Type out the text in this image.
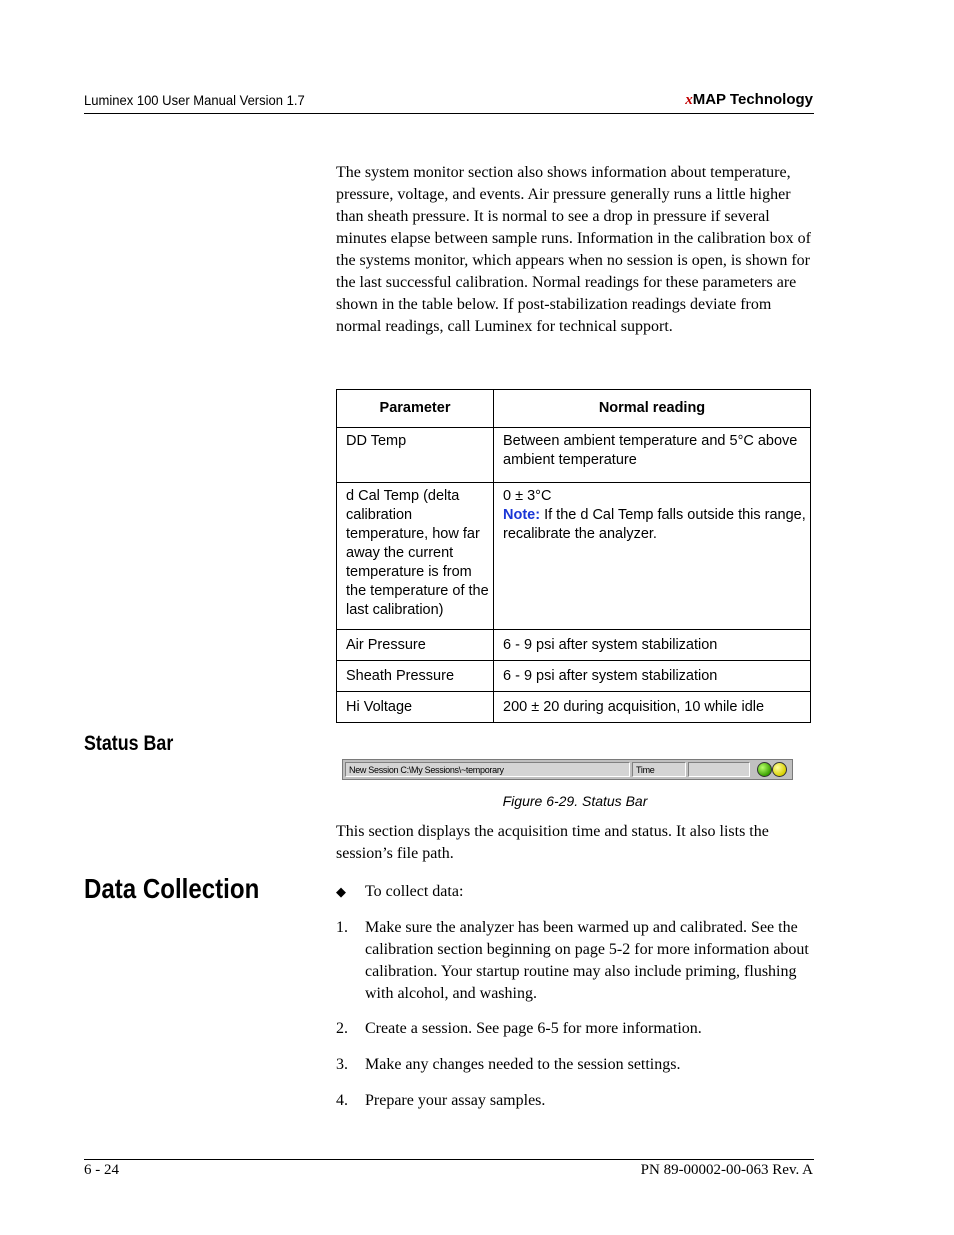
Luminex 100 User Manual Version 1.7	xMAP Technology
The system monitor section also shows information about temperature, pressure, voltage, and events. Air pressure generally runs a little higher than sheath pressure. It is normal to see a drop in pressure if several minutes elapse between sample runs. Information in the calibration box of the systems monitor, which appears when no session is open, is shown for the last successful calibration. Normal readings for these parameters are shown in the table below. If post-stabilization readings deviate from normal readings, call Luminex for technical support.
Parameter	Normal reading
DD Temp	Between ambient temperature and 5°C above ambient temperature
d Cal Temp (delta calibration temperature, how far away the current temperature is from the temperature of the last calibration)	0 ± 3°C
Note: If the d Cal Temp falls outside this range, recalibrate the analyzer.

Air Pressure	6 - 9 psi after system stabilization
Sheath Pressure	6 - 9 psi after system stabilization
Hi Voltage	200 ± 20 during acquisition, 10 while idle
Status Bar
New Session C:\My Sessions\~temporary	Time
Figure 6-29. Status Bar
This section displays the acquisition time and status. It also lists the session’s file path.
Data Collection	◆ To collect data:
1. Make sure the analyzer has been warmed up and calibrated. See the calibration section beginning on page 5-2 for more information about calibration. Your startup routine may also include priming, flushing with alcohol, and washing.
2. Create a session. See page 6-5 for more information.
3. Make any changes needed to the session settings.
4. Prepare your assay samples.
6 - 24	PN 89-00002-00-063 Rev. A
